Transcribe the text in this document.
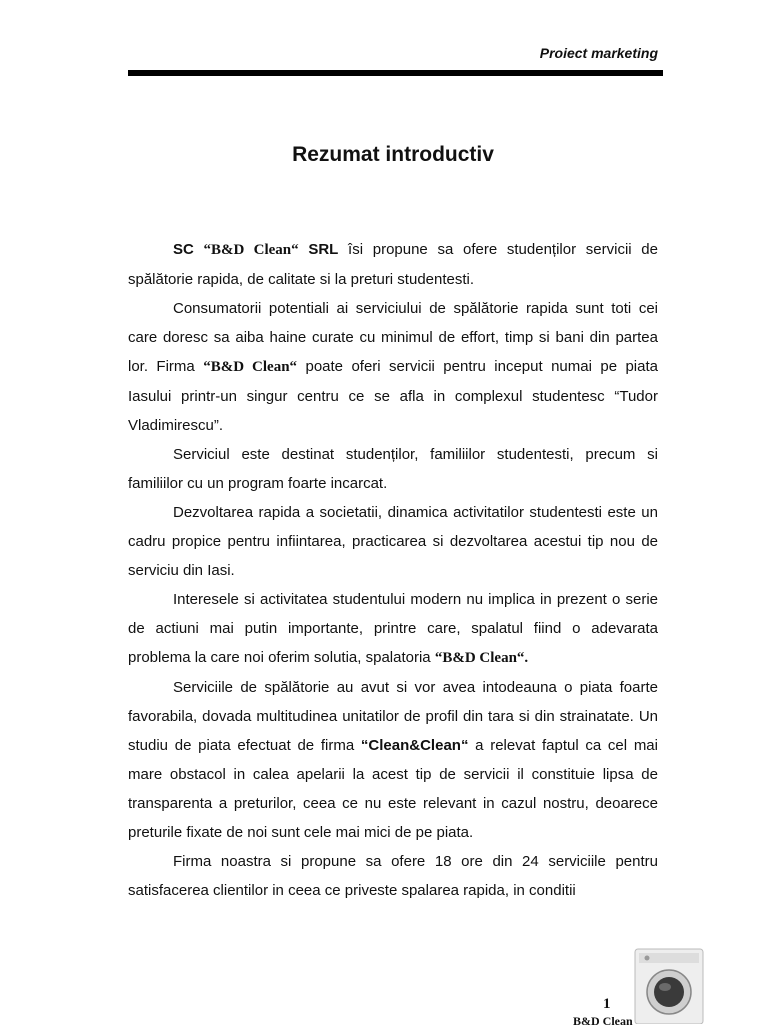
Proiect marketing
Rezumat introductiv

SC “B&D Clean“ SRL îsi propune sa ofere studenților servicii de spălătorie rapida, de calitate si la preturi studentesti.

Consumatorii potentiali ai serviciului de spălătorie rapida sunt toti cei care doresc sa aiba haine curate cu minimul de effort, timp si bani din partea lor. Firma “B&D Clean“ poate oferi servicii pentru inceput numai pe piata Iasului printr-un singur centru ce se afla in complexul studentesc “Tudor Vladimirescu”.

Serviciul este destinat studenților, familiilor studentesti, precum si familiilor cu un program foarte incarcat.

Dezvoltarea rapida a societatii, dinamica activitatilor studentesti este un cadru propice pentru infiintarea, practicarea si dezvoltarea acestui tip nou de serviciu din Iasi.

Interesele si activitatea studentului modern nu implica in prezent o serie de actiuni mai putin importante, printre care, spalatul fiind o adevarata problema la care noi oferim solutia, spalatoria “B&D Clean“.

Serviciile de spălătorie au avut si vor avea intodeauna o piata foarte favorabila, dovada multitudinea unitatilor de profil din tara si din strainatate. Un studiu de piata efectuat de firma “Clean&Clean“ a relevat faptul ca cel mai mare obstacol in calea apelarii la acest tip de servicii il constituie lipsa de transparenta a preturilor, ceea ce nu este relevant in cazul nostru, deoarece preturile fixate de noi sunt cele mai mici de pe piata.

Firma noastra si propune sa ofere 18 ore din 24 serviciile pentru satisfacerea clientilor in ceea ce priveste spalarea rapida, in conditii

1
B&D Clean
